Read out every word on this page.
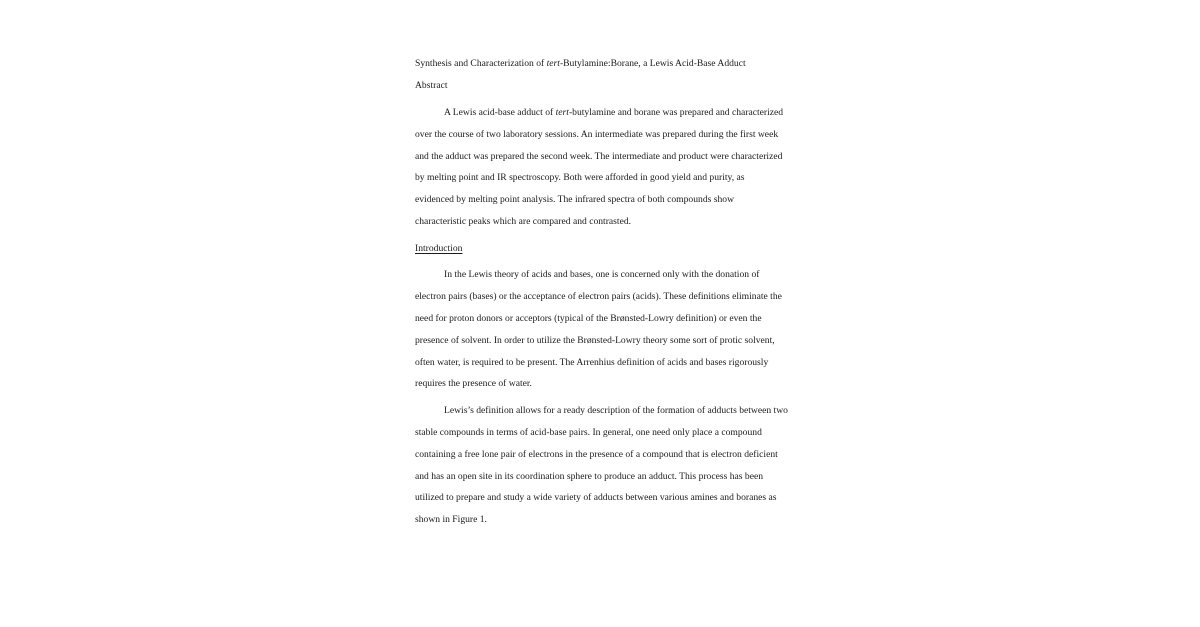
Synthesis and Characterization of tert-Butylamine:Borane, a Lewis Acid-Base Adduct
Abstract
A Lewis acid-base adduct of tert-butylamine and borane was prepared and characterized
over the course of two laboratory sessions. An intermediate was prepared during the first week
and the adduct was prepared the second week. The intermediate and product were characterized
by melting point and IR spectroscopy. Both were afforded in good yield and purity, as
evidenced by melting point analysis. The infrared spectra of both compounds show
characteristic peaks which are compared and contrasted.
Introduction
In the Lewis theory of acids and bases, one is concerned only with the donation of
electron pairs (bases) or the acceptance of electron pairs (acids). These definitions eliminate the
need for proton donors or acceptors (typical of the Brønsted-Lowry definition) or even the
presence of solvent. In order to utilize the Brønsted-Lowry theory some sort of protic solvent,
often water, is required to be present. The Arrenhius definition of acids and bases rigorously
requires the presence of water.
Lewis’s definition allows for a ready description of the formation of adducts between two
stable compounds in terms of acid-base pairs. In general, one need only place a compound
containing a free lone pair of electrons in the presence of a compound that is electron deficient
and has an open site in its coordination sphere to produce an adduct. This process has been
utilized to prepare and study a wide variety of adducts between various amines and boranes as
shown in Figure 1.
